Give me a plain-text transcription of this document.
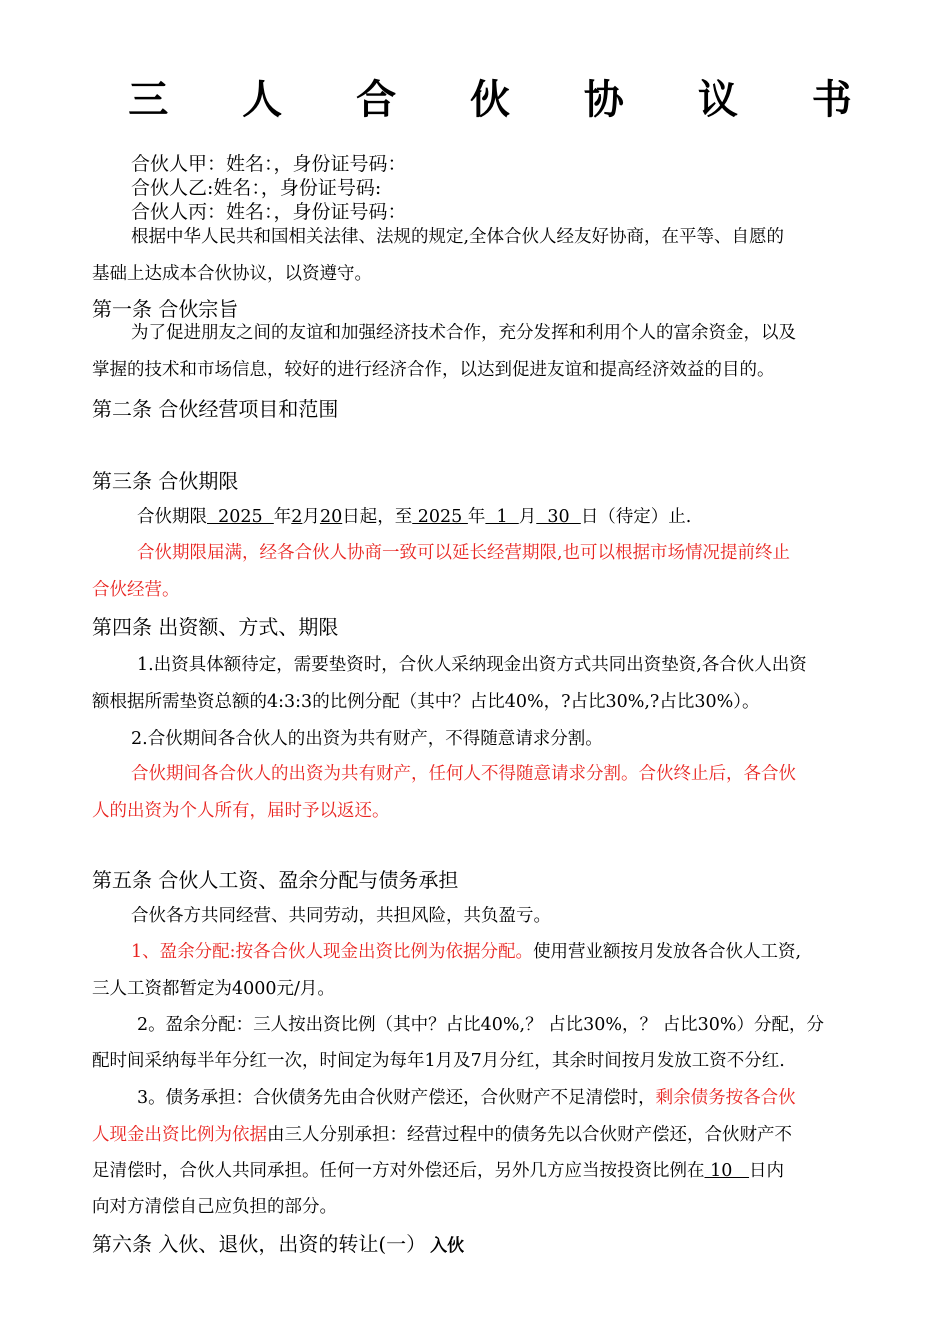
三 人 合 伙 协 议 书
合伙人甲：姓名：，身份证号码：
合伙人乙:姓名：，身份证号码:
合伙人丙：姓名：，身份证号码：
根据中华人民共和国相关法律、法规的规定,全体合伙人经友好协商，在平等、自愿的
基础上达成本合伙协议，以资遵守。
第一条 合伙宗旨
为了促进朋友之间的友谊和加强经济技术合作，充分发挥和利用个人的富余资金，以及
掌握的技术和市场信息，较好的进行经济合作，以达到促进友谊和提高经济效益的目的。
第二条 合伙经营项目和范围
第三条 合伙期限
合伙期限  2025  年2月20日起，至 2025 年  1  月  30  日（待定）止.
合伙期限届满，经各合伙人协商一致可以延长经营期限,也可以根据市场情况提前终止
合伙经营。
第四条 出资额、方式、期限
1.出资具体额待定，需要垫资时，合伙人采纳现金出资方式共同出资垫资,各合伙人出资
额根据所需垫资总额的4:3:3的比例分配（其中？占比40%，?占比30%,?占比30%）。
2.合伙期间各合伙人的出资为共有财产，不得随意请求分割。
合伙期间各合伙人的出资为共有财产，任何人不得随意请求分割。合伙终止后，各合伙
人的出资为个人所有，届时予以返还。
第五条 合伙人工资、盈余分配与债务承担
合伙各方共同经营、共同劳动，共担风险，共负盈亏。
1、盈余分配:按各合伙人现金出资比例为依据分配。使用营业额按月发放各合伙人工资,
三人工资都暂定为4000元/月。
2。盈余分配：三人按出资比例（其中？占比40%,？ 占比30%，？ 占比30%）分配，分
配时间采纳每半年分红一次，时间定为每年1月及7月分红，其余时间按月发放工资不分红.
3。债务承担：合伙债务先由合伙财产偿还，合伙财产不足清偿时，剩余债务按各合伙
人现金出资比例为依据由三人分别承担：经营过程中的债务先以合伙财产偿还，合伙财产不
足清偿时，合伙人共同承担。任何一方对外偿还后，另外几方应当按投资比例在 10   日内
向对方清偿自己应负担的部分。
第六条 入伙、退伙，出资的转让(一） 入伙
